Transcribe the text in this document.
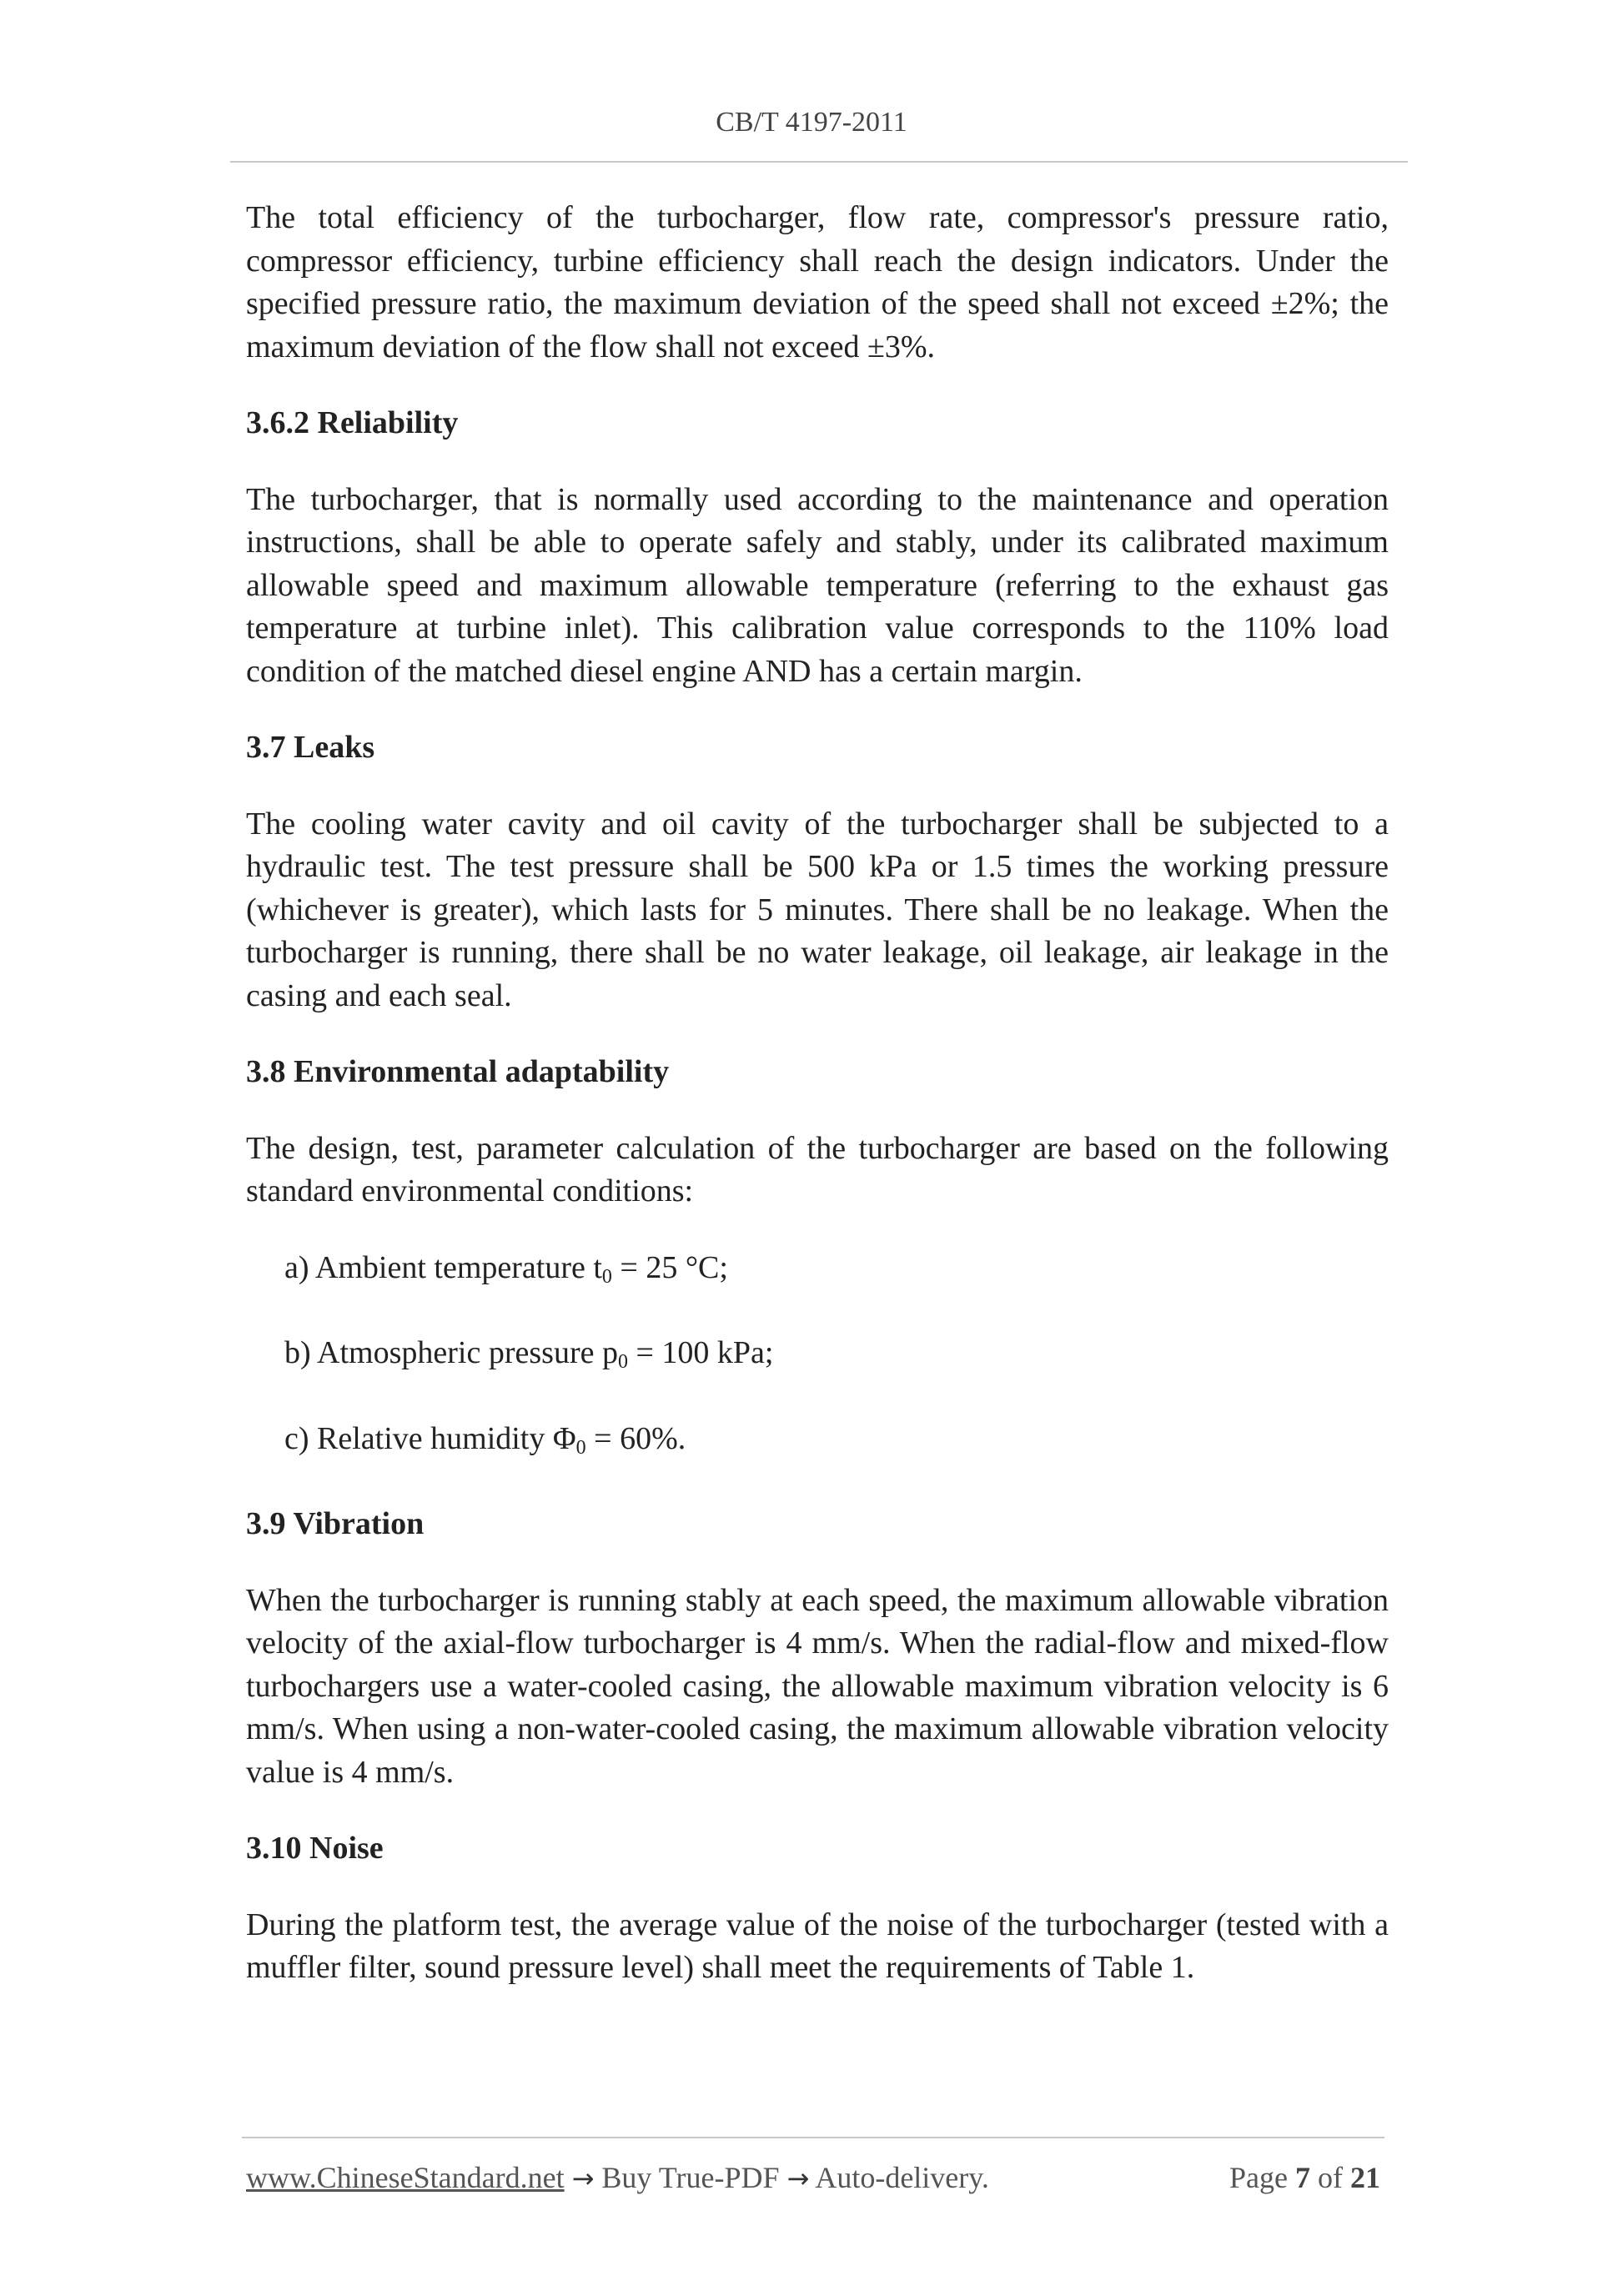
CB/T 4197-2011

The total efficiency of the turbocharger, flow rate, compressor's pressure ratio, compressor efficiency, turbine efficiency shall reach the design indicators. Under the specified pressure ratio, the maximum deviation of the speed shall not exceed ±2%; the maximum deviation of the flow shall not exceed ±3%.

3.6.2 Reliability

The turbocharger, that is normally used according to the maintenance and operation instructions, shall be able to operate safely and stably, under its calibrated maximum allowable speed and maximum allowable temperature (referring to the exhaust gas temperature at turbine inlet). This calibration value corresponds to the 110% load condition of the matched diesel engine AND has a certain margin.

3.7 Leaks

The cooling water cavity and oil cavity of the turbocharger shall be subjected to a hydraulic test. The test pressure shall be 500 kPa or 1.5 times the working pressure (whichever is greater), which lasts for 5 minutes. There shall be no leakage. When the turbocharger is running, there shall be no water leakage, oil leakage, air leakage in the casing and each seal.

3.8 Environmental adaptability

The design, test, parameter calculation of the turbocharger are based on the following standard environmental conditions:

a) Ambient temperature $t_0 = 25$ °C;
b) Atmospheric pressure $p_0 = 100$ kPa;
c) Relative humidity $\Phi_0 = 60\%$.
3.9 Vibration

When the turbocharger is running stably at each speed, the maximum allowable vibration velocity of the axial-flow turbocharger is 4 mm/s. When the radial-flow and mixed-flow turbochargers use a water-cooled casing, the allowable maximum vibration velocity is 6 mm/s. When using a non-water-cooled casing, the maximum allowable vibration velocity value is 4 mm/s.

3.10 Noise

During the platform test, the average value of the noise of the turbocharger (tested with a muffler filter, sound pressure level) shall meet the requirements of Table 1.

www.ChineseStandard.net → Buy True-PDF → Auto-delivery.	Page 7 of 21
